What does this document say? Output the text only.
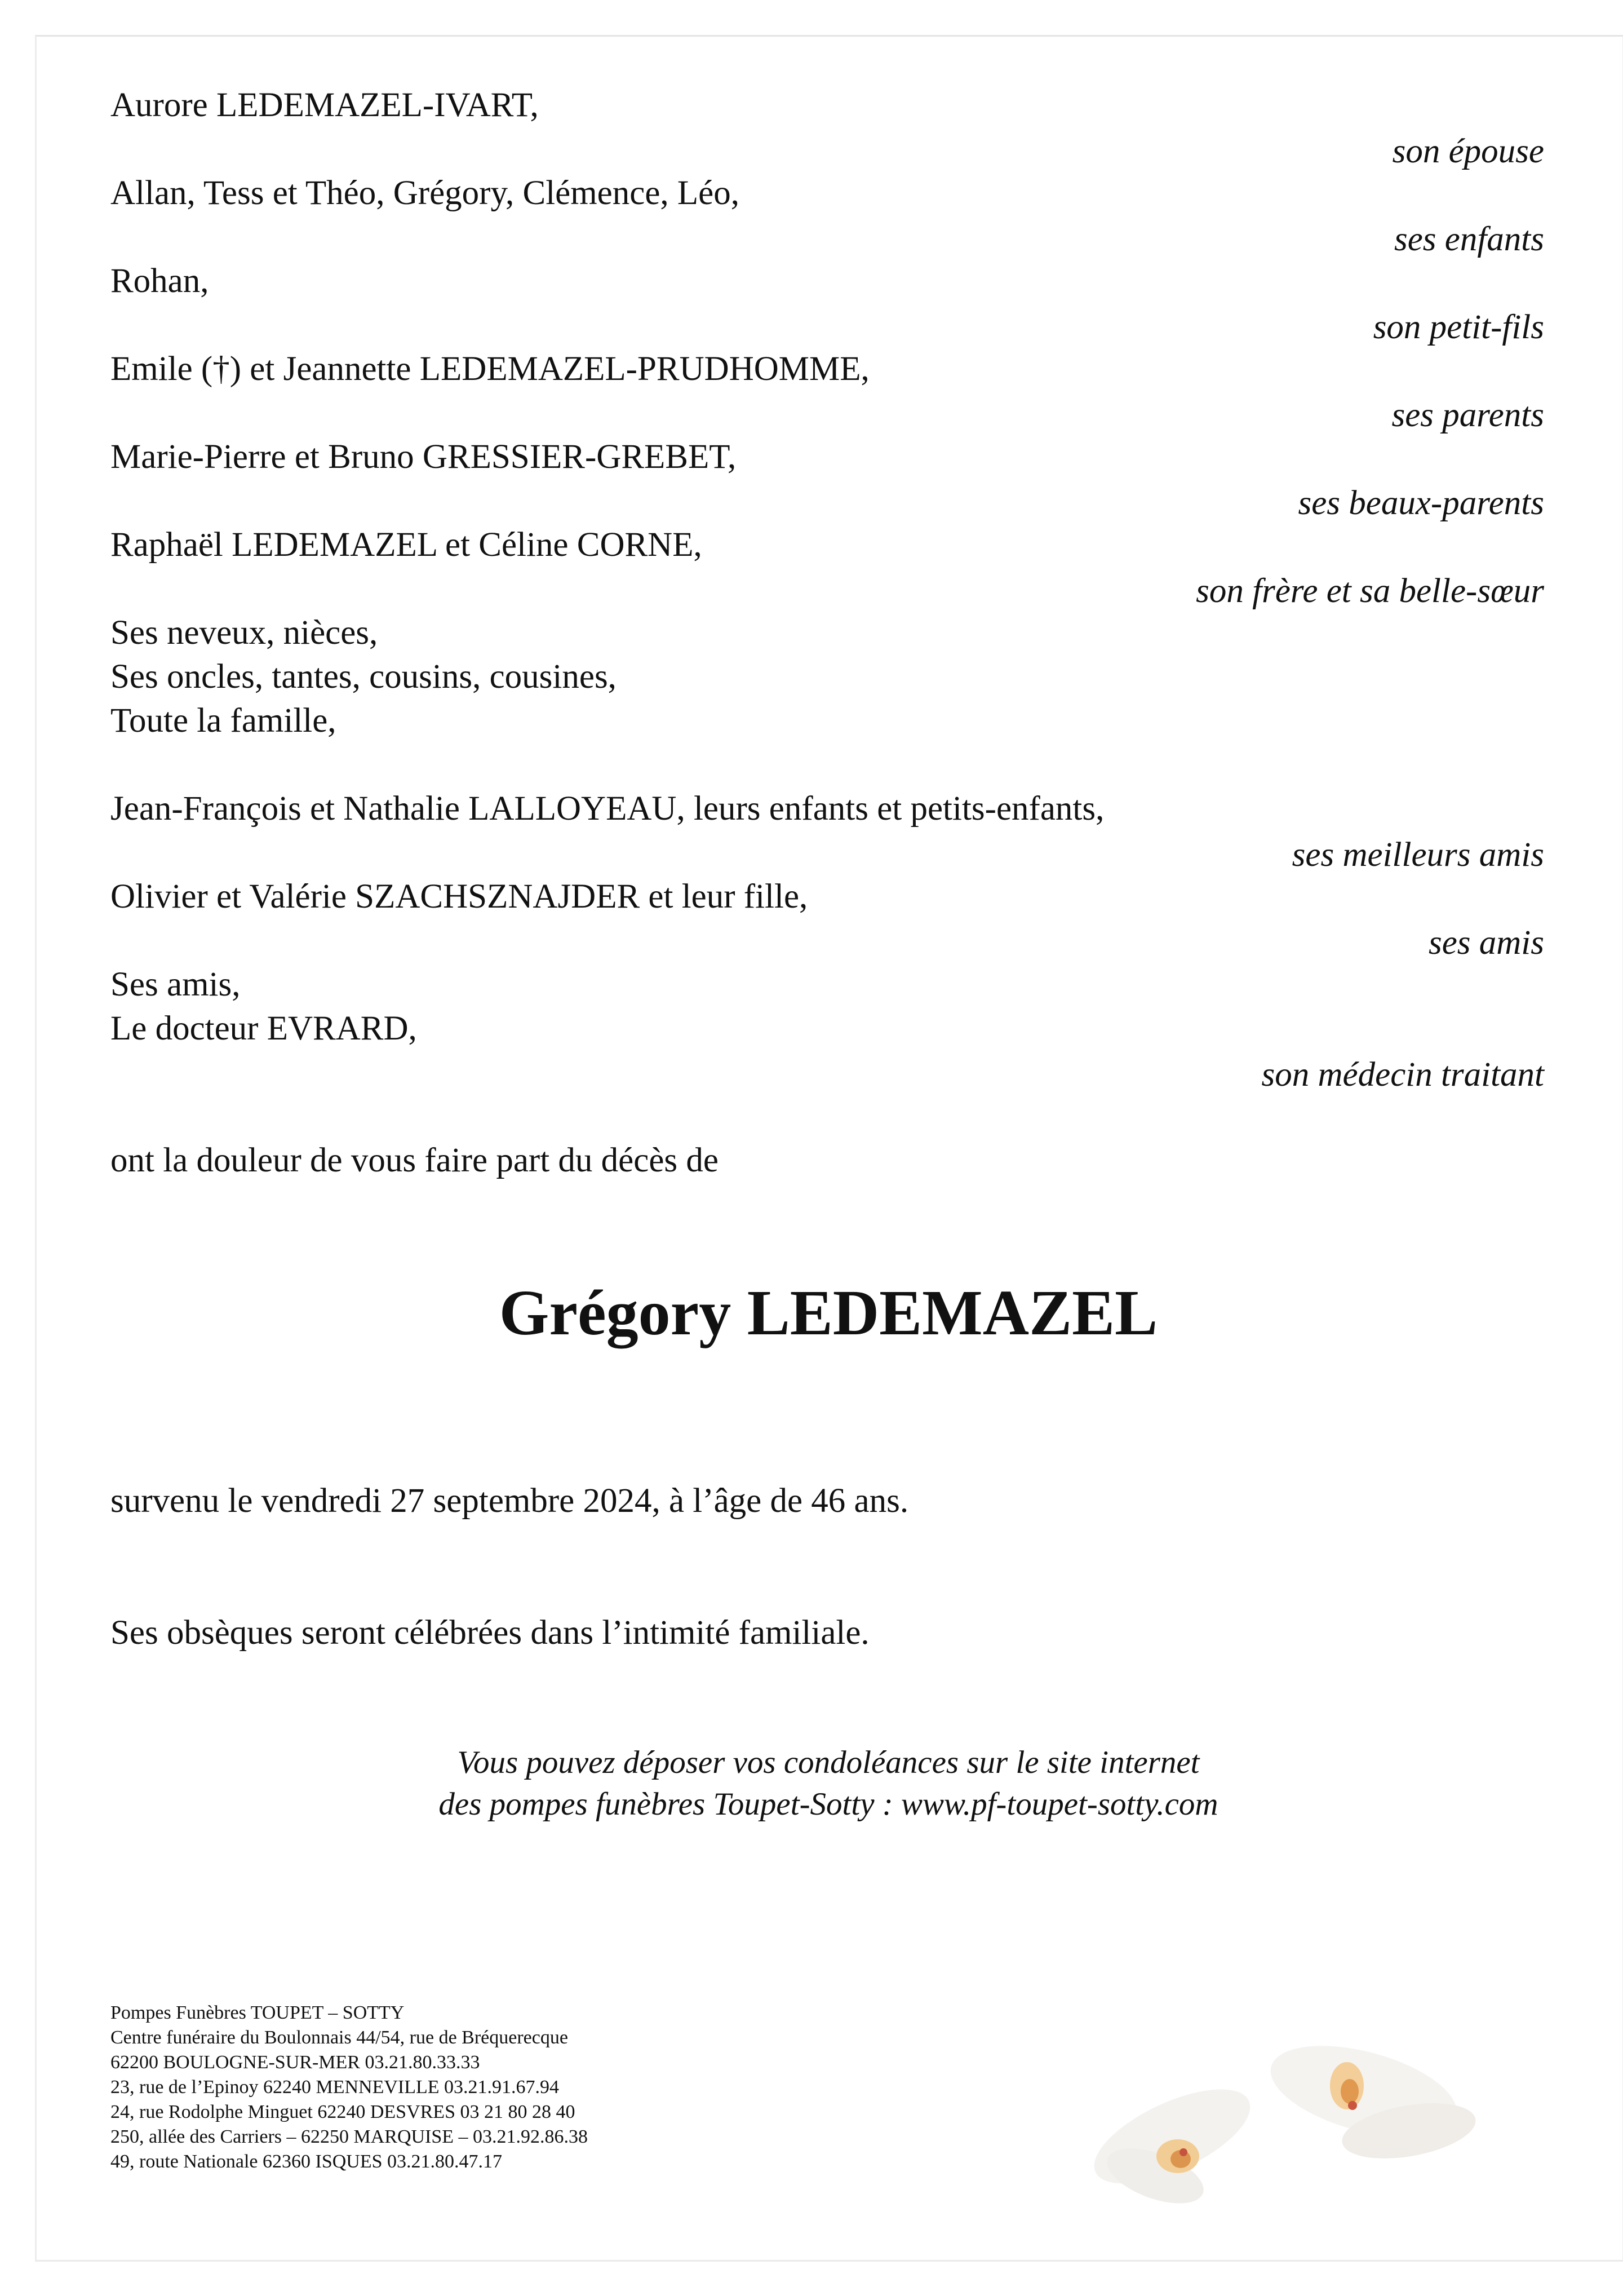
Aurore LEDEMAZEL-IVART,
son épouse
Allan, Tess et Théo, Grégory, Clémence, Léo,
ses enfants
Rohan,
son petit-fils
Emile (†) et Jeannette LEDEMAZEL-PRUDHOMME,
ses parents
Marie-Pierre et Bruno GRESSIER-GREBET,
ses beaux-parents
Raphaël LEDEMAZEL et Céline CORNE,
son frère et sa belle-sœur
Ses neveux, nièces,
Ses oncles, tantes, cousins, cousines,
Toute la famille,
Jean-François et Nathalie LALLOYEAU, leurs enfants et petits-enfants,
ses meilleurs amis
Olivier et Valérie SZACHSZNAJDER et leur fille,
ses amis
Ses amis,
Le docteur EVRARD,
son médecin traitant
ont la douleur de vous faire part du décès de
Grégory LEDEMAZEL
survenu le vendredi 27 septembre 2024, à l’âge de 46 ans.
Ses obsèques seront célébrées dans l’intimité familiale.
Vous pouvez déposer vos condoléances sur le site internet
des pompes funèbres Toupet-Sotty : www.pf-toupet-sotty.com
Pompes Funèbres TOUPET – SOTTY
Centre funéraire du Boulonnais 44/54, rue de Bréquerecque
62200 BOULOGNE-SUR-MER 03.21.80.33.33
23, rue de l’Epinoy 62240 MENNEVILLE 03.21.91.67.94
24, rue Rodolphe Minguet 62240 DESVRES 03 21 80 28 40
250, allée des Carriers – 62250 MARQUISE – 03.21.92.86.38
49, route Nationale 62360 ISQUES 03.21.80.47.17
